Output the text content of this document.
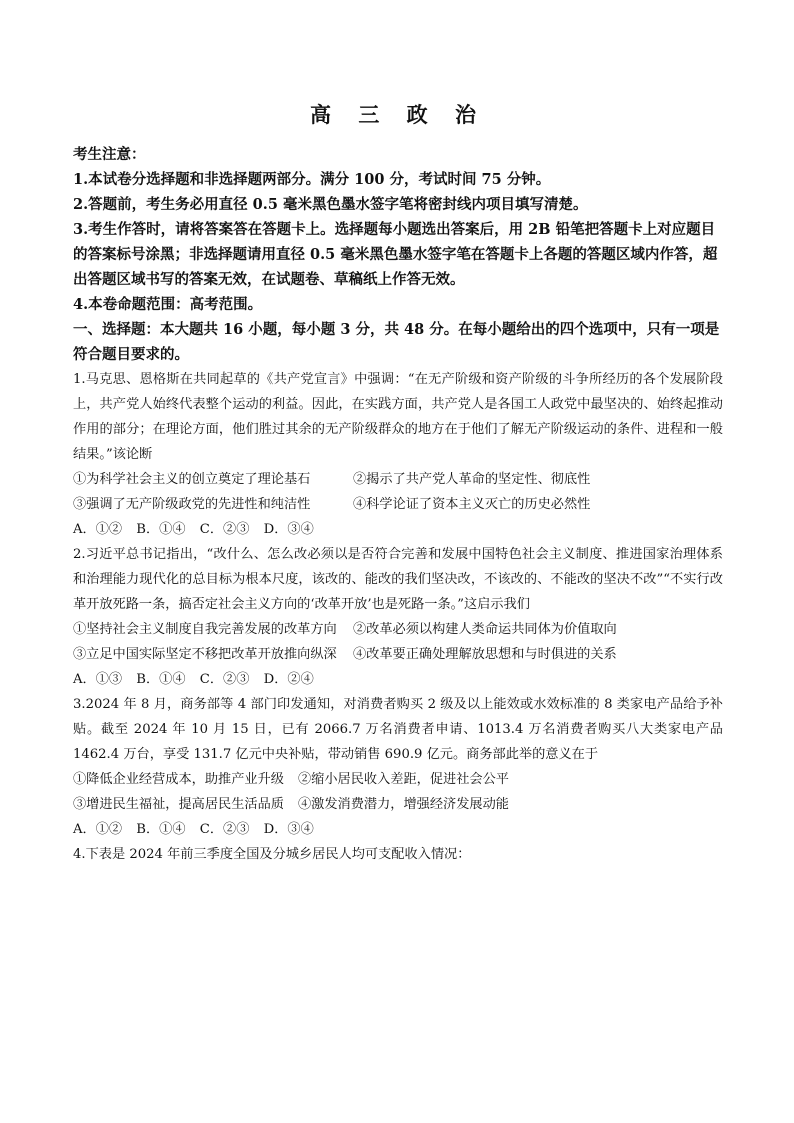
高 三 政 治

考生注意：

1.本试卷分选择题和非选择题两部分。满分 100 分，考试时间 75 分钟。

2.答题前，考生务必用直径 0.5 毫米黑色墨水签字笔将密封线内项目填写清楚。

3.考生作答时，请将答案答在答题卡上。选择题每小题选出答案后，用 2B 铅笔把答题卡上对应题目的答案标号涂黑；非选择题请用直径 0.5 毫米黑色墨水签字笔在答题卡上各题的答题区域内作答，超出答题区域书写的答案无效，在试题卷、草稿纸上作答无效。

4.本卷命题范围：高考范围。

一、选择题：本大题共 16 小题，每小题 3 分，共 48 分。在每小题给出的四个选项中，只有一项是符合题目要求的。

1.马克思、恩格斯在共同起草的《共产党宣言》中强调：“在无产阶级和资产阶级的斗争所经历的各个发展阶段上，共产党人始终代表整个运动的利益。因此，在实践方面，共产党人是各国工人政党中最坚决的、始终起推动作用的部分；在理论方面，他们胜过其余的无产阶级群众的地方在于他们了解无产阶级运动的条件、进程和一般结果。”该论断

①为科学社会主义的创立奠定了理论基石	②揭示了共产党人革命的坚定性、彻底性
③强调了无产阶级政党的先进性和纯洁性	④科学论证了资本主义灭亡的历史必然性
A．①② B．①④ C．②③ D．③④

2.习近平总书记指出，“改什么、怎么改必须以是否符合完善和发展中国特色社会主义制度、推进国家治理体系和治理能力现代化的总目标为根本尺度，该改的、能改的我们坚决改，不该改的、不能改的坚决不改”“不实行改革开放死路一条，搞否定社会主义方向的‘改革开放’也是死路一条。”这启示我们

①坚持社会主义制度自我完善发展的改革方向	②改革必须以构建人类命运共同体为价值取向
③立足中国实际坚定不移把改革开放推向纵深	④改革要正确处理解放思想和与时俱进的关系
A．①③ B．①④ C．②③ D．②④

3.2024 年 8 月，商务部等 4 部门印发通知，对消费者购买 2 级及以上能效或水效标准的 8 类家电产品给予补贴。截至 2024 年 10 月 15 日，已有 2066.7 万名消费者申请、1013.4 万名消费者购买八大类家电产品 1462.4 万台，享受 131.7 亿元中央补贴，带动销售 690.9 亿元。商务部此举的意义在于

①降低企业经营成本，助推产业升级 ②缩小居民收入差距，促进社会公平
③增进民生福祉，提高居民生活品质 ④激发消费潜力，增强经济发展动能
A．①② B．①④ C．②③ D．③④

4.下表是 2024 年前三季度全国及分城乡居民人均可支配收入情况：
